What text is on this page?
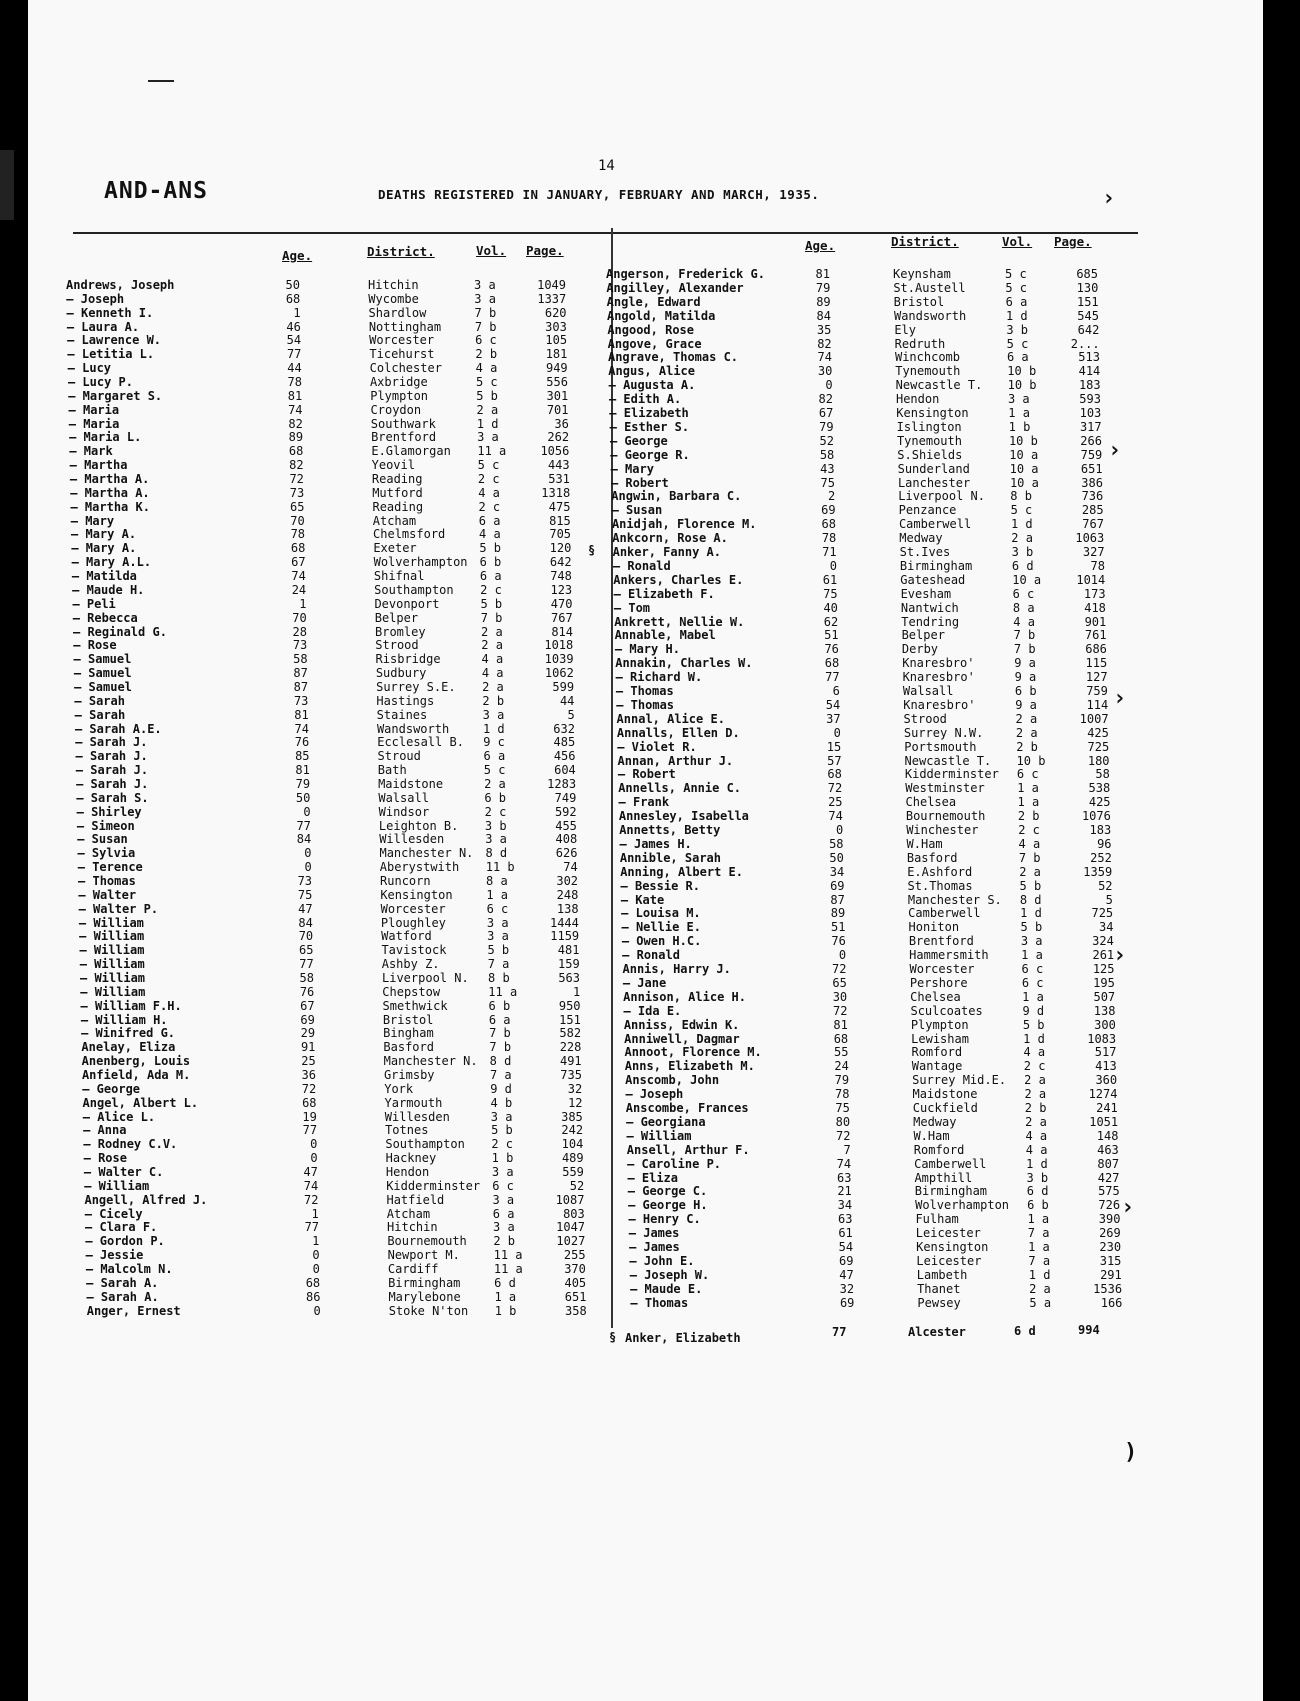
AND-ANS
14
DEATHS REGISTERED IN JANUARY, FEBRUARY AND MARCH, 1935.	›
›
›
›
›
)
Age.	District.	Vol. Page.	Age.	District.	Vol. Page.
Andrews, Joseph	50	Hitchin	3 a	1049
— Joseph	68	Wycombe	3 a	1337
— Kenneth I.	1	Shardlow	7 b	620
— Laura A.	46	Nottingham	7 b	303
— Lawrence W.	54	Worcester	6 c	105
— Letitia L.	77	Ticehurst	2 b	181
— Lucy	44	Colchester	4 a	949
— Lucy P.	78	Axbridge	5 c	556
— Margaret S.	81	Plympton	5 b	301
— Maria	74	Croydon	2 a	701
— Maria	82	Southwark	1 d	36
— Maria L.	89	Brentford	3 a	262
— Mark	68	E.Glamorgan 11 a	1056
— Martha	82	Yeovil	5 c	443
— Martha A.	72	Reading	2 c	531
— Martha A.	73	Mutford	4 a	1318
— Martha K.	65	Reading	2 c	475
— Mary	70	Atcham	6 a	815
— Mary A.	78	Chelmsford	4 a	705
— Mary A.	68	Exeter	5 b	120
— Mary A.L.	67	Wolverhampton 6 b	642
— Matilda	74	Shifnal	6 a	748
— Maude H.	24	Southampton 2 c	123
— Peli	1	Devonport	5 b	470
— Rebecca	70	Belper	7 b	767
— Reginald G.	28	Bromley	2 a	814
— Rose	73	Strood	2 a	1018
— Samuel	58	Risbridge	4 a	1039
— Samuel	87	Sudbury	4 a	1062
— Samuel	87	Surrey S.E. 2 a	599
— Sarah	73	Hastings	2 b	44
— Sarah	81	Staines	3 a	5
— Sarah A.E.	74	Wandsworth	1 d	632
— Sarah J.	76	Ecclesall B. 9 c	485
— Sarah J.	85	Stroud	6 a	456
— Sarah J.	81	Bath	5 c	604
— Sarah J.	79	Maidstone	2 a	1283
— Sarah S.	50	Walsall	6 b	749
— Shirley	0	Windsor	2 c	592
— Simeon	77	Leighton B. 3 b	455
— Susan	84	Willesden	3 a	408
— Sylvia	0	Manchester N. 8 d	626
— Terence	0	Aberystwith 11 b	74
— Thomas	73	Runcorn	8 a	302
— Walter	75	Kensington	1 a	248
— Walter P.	47	Worcester	6 c	138
— William	84	Ploughley	3 a	1444
— William	70	Watford	3 a	1159
— William	65	Tavistock	5 b	481
— William	77	Ashby Z.	7 a	159
— William	58	Liverpool N. 8 b	563
— William	76	Chepstow	11 a	1
— William F.H.	67	Smethwick	6 b	950
— William H.	69	Bristol	6 a	151
— Winifred G.	29	Bingham	7 b	582
Anelay, Eliza	91	Basford	7 b	228
Anenberg, Louis	25	Manchester N. 8 d	491
Anfield, Ada M.	36	Grimsby	7 a	735
— George	72	York	9 d	32
Angel, Albert L.	68	Yarmouth	4 b	12
— Alice L.	19	Willesden	3 a	385
— Anna	77	Totnes	5 b	242
— Rodney C.V.	0	Southampton 2 c	104
— Rose	0	Hackney	1 b	489
— Walter C.	47	Hendon	3 a	559
— William	74	Kidderminster 6 c	52
Angell, Alfred J.	72	Hatfield	3 a	1087
— Cicely	1	Atcham	6 a	803
— Clara F.	77	Hitchin	3 a	1047
— Gordon P.	1	Bournemouth 2 b	1027
— Jessie	0	Newport M.	11 a	255
— Malcolm N.	0	Cardiff	11 a	370
— Sarah A.	68	Birmingham	6 d	405
— Sarah A.	86	Marylebone	1 a	651
Anger, Ernest	0	Stoke N'ton 1 b	358
Angerson, Frederick G.	81	Keynsham	5 c	685
Angilley, Alexander	79	St.Austell	5 c	130
Angle, Edward	89	Bristol	6 a	151
Angold, Matilda	84	Wandsworth	1 d	545
Angood, Rose	35	Ely	3 b	642
Angove, Grace	82	Redruth	5 c	2...
Angrave, Thomas C.	74	Winchcomb	6 a	513
Angus, Alice	30	Tynemouth	10 b	414
— Augusta A.	0	Newcastle T. 10 b	183
— Edith A.	82	Hendon	3 a	593
— Elizabeth	67	Kensington	1 a	103
— Esther S.	79	Islington	1 b	317
— George	52	Tynemouth	10 b	266
— George R.	58	S.Shields	10 a	759
— Mary	43	Sunderland	10 a	651
— Robert	75	Lanchester	10 a	386
Angwin, Barbara C.	2	Liverpool N. 8 b	736
— Susan	69	Penzance	5 c	285
Anidjah, Florence M.	68	Camberwell	1 d	767
Ankcorn, Rose A.	78	Medway	2 a	1063
Anker, Fanny A.	71	St.Ives	3 b	327
— Ronald	0	Birmingham	6 d	78
Ankers, Charles E.	61	Gateshead	10 a	1014
— Elizabeth F.	75	Evesham	6 c	173
— Tom	40	Nantwich	8 a	418
Ankrett, Nellie W.	62	Tendring	4 a	901
Annable, Mabel	51	Belper	7 b	761
— Mary H.	76	Derby	7 b	686
Annakin, Charles W.	68	Knaresbro'	9 a	115
— Richard W.	77	Knaresbro'	9 a	127
— Thomas	6	Walsall	6 b	759
— Thomas	54	Knaresbro'	9 a	114
Annal, Alice E.	37	Strood	2 a	1007
Annalls, Ellen D.	0	Surrey N.W.	2 a	425
— Violet R.	15	Portsmouth	2 b	725
Annan, Arthur J.	57	Newcastle T. 10 b	180
— Robert	68	Kidderminster 6 c	58
Annells, Annie C.	72	Westminster	1 a	538
— Frank	25	Chelsea	1 a	425
Annesley, Isabella	74	Bournemouth	2 b	1076
Annetts, Betty	0	Winchester	2 c	183
— James H.	58	W.Ham	4 a	96
Annible, Sarah	50	Basford	7 b	252
Anning, Albert E.	34	E.Ashford	2 a	1359
— Bessie R.	69	St.Thomas	5 b	52
— Kate	87	Manchester S. 8 d	5
— Louisa M.	89	Camberwell	1 d	725
— Nellie E.	51	Honiton	5 b	34
— Owen H.C.	76	Brentford	3 a	324
— Ronald	0	Hammersmith	1 a	261
Annis, Harry J.	72	Worcester	6 c	125
— Jane	65	Pershore	6 c	195
Annison, Alice H.	30	Chelsea	1 a	507
— Ida E.	72	Sculcoates	9 d	138
Anniss, Edwin K.	81	Plympton	5 b	300
Anniwell, Dagmar	68	Lewisham	1 d	1083
Annoot, Florence M.	55	Romford	4 a	517
Anns, Elizabeth M.	24	Wantage	2 c	413
Anscomb, John	79	Surrey Mid.E. 2 a	360
— Joseph	78	Maidstone	2 a	1274
Anscombe, Frances	75	Cuckfield	2 b	241
— Georgiana	80	Medway	2 a	1051
— William	72	W.Ham	4 a	148
Ansell, Arthur F.	7	Romford	4 a	463
— Caroline P.	74	Camberwell	1 d	807
— Eliza	63	Ampthill	3 b	427
— George C.	21	Birmingham	6 d	575
— George H.	34	Wolverhampton 6 b	726
— Henry C.	63	Fulham	1 a	390
— James	61	Leicester	7 a	269
— James	54	Kensington	1 a	230
— John E.	69	Leicester	7 a	315
— Joseph W.	47	Lambeth	1 d	291
— Maude E.	32	Thanet	2 a	1536
— Thomas	69	Pewsey	5 a	166
§
§ Anker, Elizabeth	77	Alcester	6 d	994
